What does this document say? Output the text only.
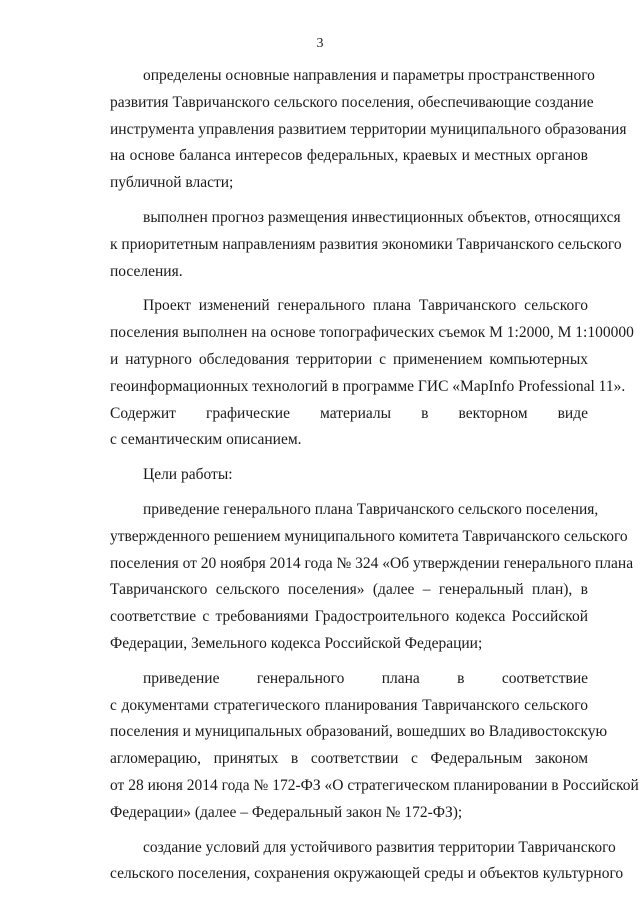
3
определены основные направления и параметры пространственного
развития Тавричанского сельского поселения, обеспечивающие создание
инструмента управления развитием территории муниципального образования
на основе баланса интересов федеральных, краевых и местных органов
публичной власти;
выполнен прогноз размещения инвестиционных объектов, относящихся
к приоритетным направлениям развития экономики Тавричанского сельского
поселения.
Проект изменений генерального плана Тавричанского сельского
поселения выполнен на основе топографических съемок М 1:2000, М 1:100000
и натурного обследования территории с применением компьютерных
геоинформационных технологий в программе ГИС «MapInfo Professional 11».
Содержит графические материалы в векторном виде
с семантическим описанием.
Цели работы:
приведение генерального плана Тавричанского сельского поселения,
утвержденного решением муниципального комитета Тавричанского сельского
поселения от 20 ноября 2014 года № 324 «Об утверждении генерального плана
Тавричанского сельского поселения» (далее – генеральный план), в
соответствие с требованиями Градостроительного кодекса Российской
Федерации, Земельного кодекса Российской Федерации;
приведение генерального плана в соответствие
с документами стратегического планирования Тавричанского сельского
поселения и муниципальных образований, вошедших во Владивостокскую
агломерацию, принятых в соответствии с Федеральным законом
от 28 июня 2014 года № 172-ФЗ «О стратегическом планировании в Российской
Федерации» (далее – Федеральный закон № 172-ФЗ);
создание условий для устойчивого развития территории Тавричанского
сельского поселения, сохранения окружающей среды и объектов культурного
